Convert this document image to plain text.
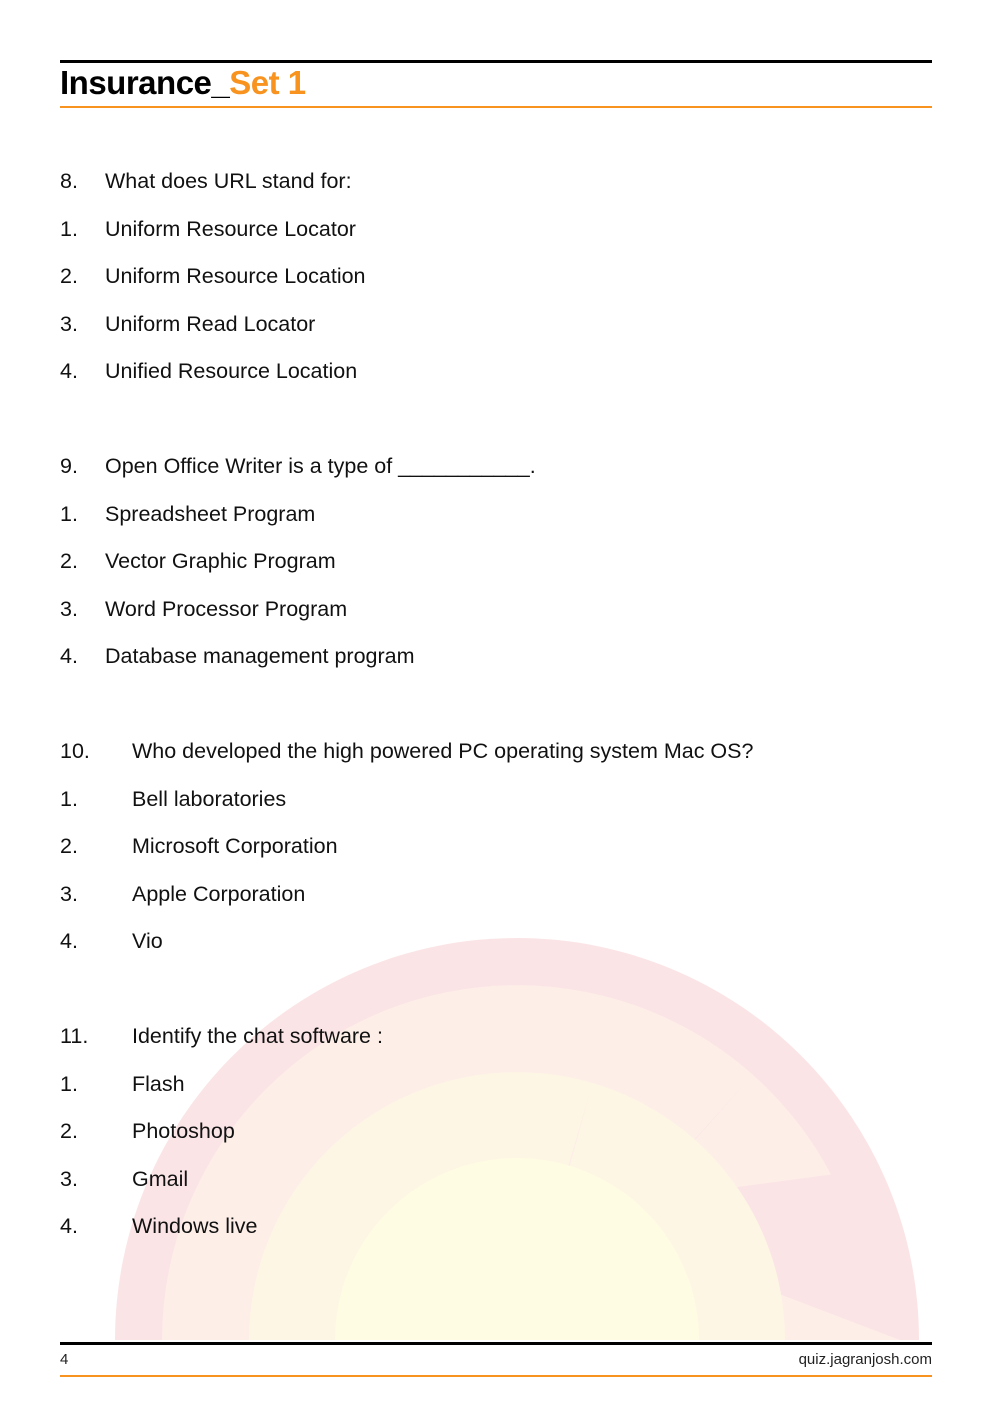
Insurance_Set 1
8. What does URL stand for:
1. Uniform Resource Locator
2. Uniform Resource Location
3. Uniform Read Locator
4. Unified Resource Location
9. Open Office Writer is a type of ___________.
1. Spreadsheet Program
2. Vector Graphic Program
3. Word Processor Program
4. Database management program
10. Who developed the high powered PC operating system Mac OS?
1.	Bell laboratories
2.	Microsoft Corporation
3.	Apple Corporation
4.	Vio
11. Identify the chat software :
1.	Flash
2.	Photoshop
3.	Gmail
4.	Windows live
4	quiz.jagranjosh.com
